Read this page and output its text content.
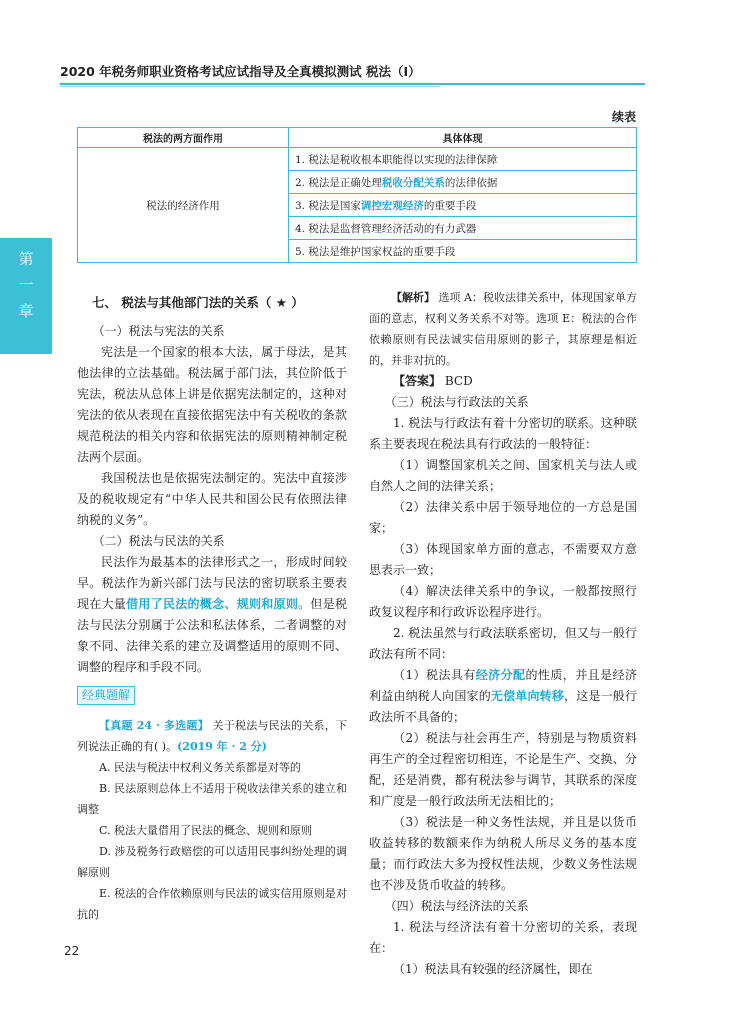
2020 年税务师职业资格考试应试指导及全真模拟测试 税法（Ⅰ）
续表
税法的两方面作用	具体体现
税法的经济作用	1. 税法是税收根本职能得以实现的法律保障
	2. 税法是正确处理税收分配关系的法律依据
	3. 税法是国家调控宏观经济的重要手段
	4. 税法是监督管理经济活动的有力武器
	5. 税法是维护国家权益的重要手段
第
一
章	七、 税法与其他部门法的关系（ ★ ）

（一）税法与宪法的关系

宪法是一个国家的根本大法，属于母法，是其他法律的立法基础。税法属于部门法，其位阶低于宪法，税法从总体上讲是依据宪法制定的，这种对宪法的依从表现在直接依据宪法中有关税收的条款规范税法的相关内容和依据宪法的原则精神制定税法两个层面。

我国税法也是依据宪法制定的。宪法中直接涉及的税收规定有“中华人民共和国公民有依照法律纳税的义务”。

（二）税法与民法的关系

民法作为最基本的法律形式之一，形成时间较早。税法作为新兴部门法与民法的密切联系主要表现在大量借用了民法的概念、规则和原则。但是税法与民法分别属于公法和私法体系，二者调整的对象不同、法律关系的建立及调整适用的原则不同、调整的程序和手段不同。

经典题解

【真题 24 · 多选题】 关于税法与民法的关系，下列说法正确的有( )。(2019 年 · 2 分)

A. 民法与税法中权利义务关系都是对等的

B. 民法原则总体上不适用于税收法律关系的建立和调整

C. 税法大量借用了民法的概念、规则和原则

D. 涉及税务行政赔偿的可以适用民事纠纷处理的调解原则

E. 税法的合作依赖原则与民法的诚实信用原则是对抗的

【解析】 选项 A：税收法律关系中，体现国家单方面的意志，权利义务关系不对等。选项 E：税法的合作依赖原则有民法诚实信用原则的影子，其原理是相近的，并非对抗的。

【答案】 BCD

（三）税法与行政法的关系

1. 税法与行政法有着十分密切的联系。这种联系主要表现在税法具有行政法的一般特征：

（1）调整国家机关之间、国家机关与法人或自然人之间的法律关系；

（2）法律关系中居于领导地位的一方总是国家；

（3）体现国家单方面的意志，不需要双方意思表示一致；

（4）解决法律关系中的争议，一般都按照行政复议程序和行政诉讼程序进行。

2. 税法虽然与行政法联系密切，但又与一般行政法有所不同：

（1）税法具有经济分配的性质，并且是经济利益由纳税人向国家的无偿单向转移，这是一般行政法所不具备的；

（2）税法与社会再生产，特别是与物质资料再生产的全过程密切相连，不论是生产、交换、分配，还是消费，都有税法参与调节，其联系的深度和广度是一般行政法所无法相比的；

（3）税法是一种义务性法规，并且是以货币收益转移的数额来作为纳税人所尽义务的基本度量；而行政法大多为授权性法规，少数义务性法规也不涉及货币收益的转移。

（四）税法与经济法的关系

1. 税法与经济法有着十分密切的关系，表现在：

（1）税法具有较强的经济属性，即在

22
